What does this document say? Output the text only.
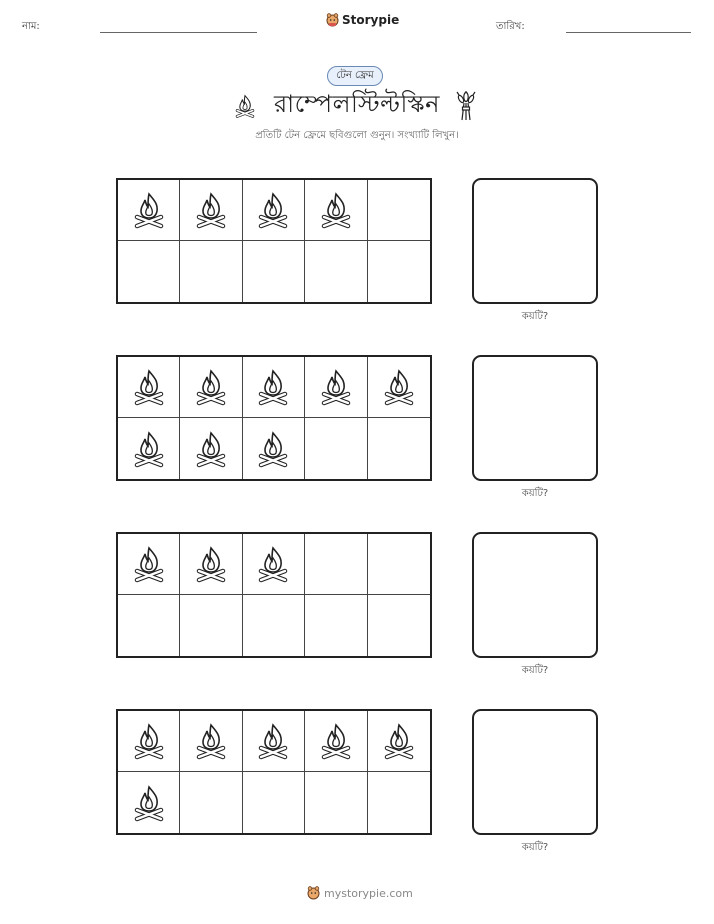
নাম:	Storypie	তারিখ:
টেন ফ্রেম
রাম্পেলস্টিল্টস্কিন
প্রতিটি টেন ফ্রেমে ছবিগুলো গুনুন। সংখ্যাটি লিখুন।
কয়টি?
কয়টি?
কয়টি?
কয়টি?
mystorypie.com
